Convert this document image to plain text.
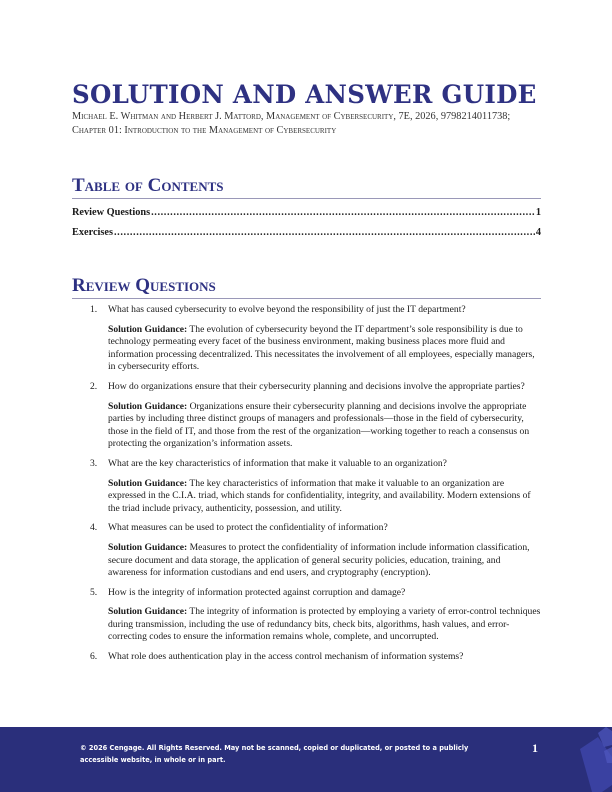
SOLUTION AND ANSWER GUIDE
Michael E. Whitman and Herbert J. Mattord, Management of Cybersecurity, 7E, 2026, 9798214011738; Chapter 01: Introduction to the Management of Cybersecurity
Table of Contents
Review Questions .....	1
Exercises .....	4
Review Questions
1. What has caused cybersecurity to evolve beyond the responsibility of just the IT department?
Solution Guidance: The evolution of cybersecurity beyond the IT department’s sole responsibility is due to technology permeating every facet of the business environment, making business places more fluid and information processing decentralized. This necessitates the involvement of all employees, especially managers, in cybersecurity efforts.
2. How do organizations ensure that their cybersecurity planning and decisions involve the appropriate parties?
Solution Guidance: Organizations ensure their cybersecurity planning and decisions involve the appropriate parties by including three distinct groups of managers and professionals—those in the field of cybersecurity, those in the field of IT, and those from the rest of the organization—working together to reach a consensus on protecting the organization’s information assets.
3. What are the key characteristics of information that make it valuable to an organization?
Solution Guidance: The key characteristics of information that make it valuable to an organization are expressed in the C.I.A. triad, which stands for confidentiality, integrity, and availability. Modern extensions of the triad include privacy, authenticity, possession, and utility.
4. What measures can be used to protect the confidentiality of information?
Solution Guidance: Measures to protect the confidentiality of information include information classification, secure document and data storage, the application of general security policies, education, training, and awareness for information custodians and end users, and cryptography (encryption).
5. How is the integrity of information protected against corruption and damage?
Solution Guidance: The integrity of information is protected by employing a variety of error-control techniques during transmission, including the use of redundancy bits, check bits, algorithms, hash values, and error-correcting codes to ensure the information remains whole, complete, and uncorrupted.
6. What role does authentication play in the access control mechanism of information systems?
© 2026 Cengage. All Rights Reserved. May not be scanned, copied or duplicated, or posted to a publicly accessible website, in whole or in part.
1
